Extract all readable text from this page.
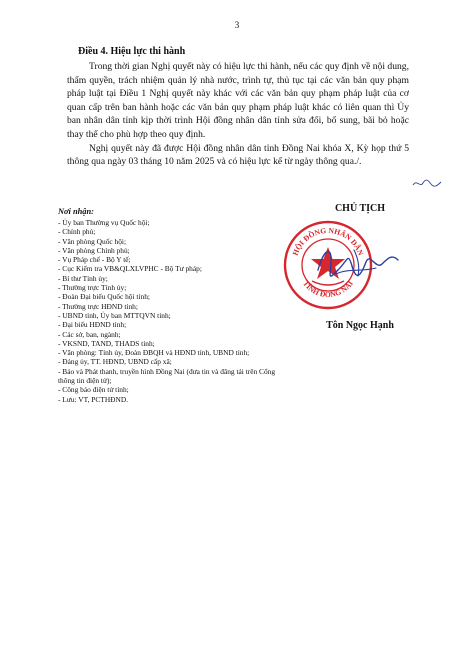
3
Điều 4. Hiệu lực thi hành

Trong thời gian Nghị quyết này có hiệu lực thi hành, nếu các quy định về nội dung, thẩm quyền, trách nhiệm quản lý nhà nước, trình tự, thủ tục tại các văn bản quy phạm pháp luật tại Điều 1 Nghị quyết này khác với các văn bản quy phạm pháp luật của cơ quan cấp trên ban hành hoặc các văn bản quy phạm pháp luật khác có liên quan thì Ủy ban nhân dân tỉnh kịp thời trình Hội đồng nhân dân tỉnh sửa đổi, bổ sung, bãi bỏ hoặc thay thế cho phù hợp theo quy định.

Nghị quyết này đã được Hội đồng nhân dân tỉnh Đồng Nai khóa X, Kỳ họp thứ 5 thông qua ngày 03 tháng 10 năm 2025 và có hiệu lực kể từ ngày thông qua./.

Nơi nhận:
- Ủy ban Thường vụ Quốc hội;
- Chính phủ;
- Văn phòng Quốc hội;
- Văn phòng Chính phủ;
- Vụ Pháp chế - Bộ Y tế;
- Cục Kiểm tra VB&QLXLVPHC - Bộ Tư pháp;
- Bí thư Tỉnh ủy;
- Thường trực Tỉnh ủy;
- Đoàn Đại biểu Quốc hội tỉnh;
- Thường trực HĐND tỉnh;
- UBND tỉnh, Ủy ban MTTQVN tỉnh;
- Đại biểu HĐND tỉnh;
- Các sở, ban, ngành;
- VKSND, TAND, THADS tỉnh;
- Văn phòng: Tỉnh ủy, Đoàn ĐBQH và HĐND tỉnh, UBND tỉnh;
- Đảng ủy, TT. HĐND, UBND cấp xã;
- Báo và Phát thanh, truyền hình Đồng Nai (đưa tin và đăng tải trên Cổng thông tin điện tử);
- Công báo điện tử tỉnh;
- Lưu: VT, PCTHĐND.
CHỦ TỊCH
HỘI ĐỒNG NHÂN DÂN
TỈNH ĐỒNG NAI
Tôn Ngọc Hạnh
